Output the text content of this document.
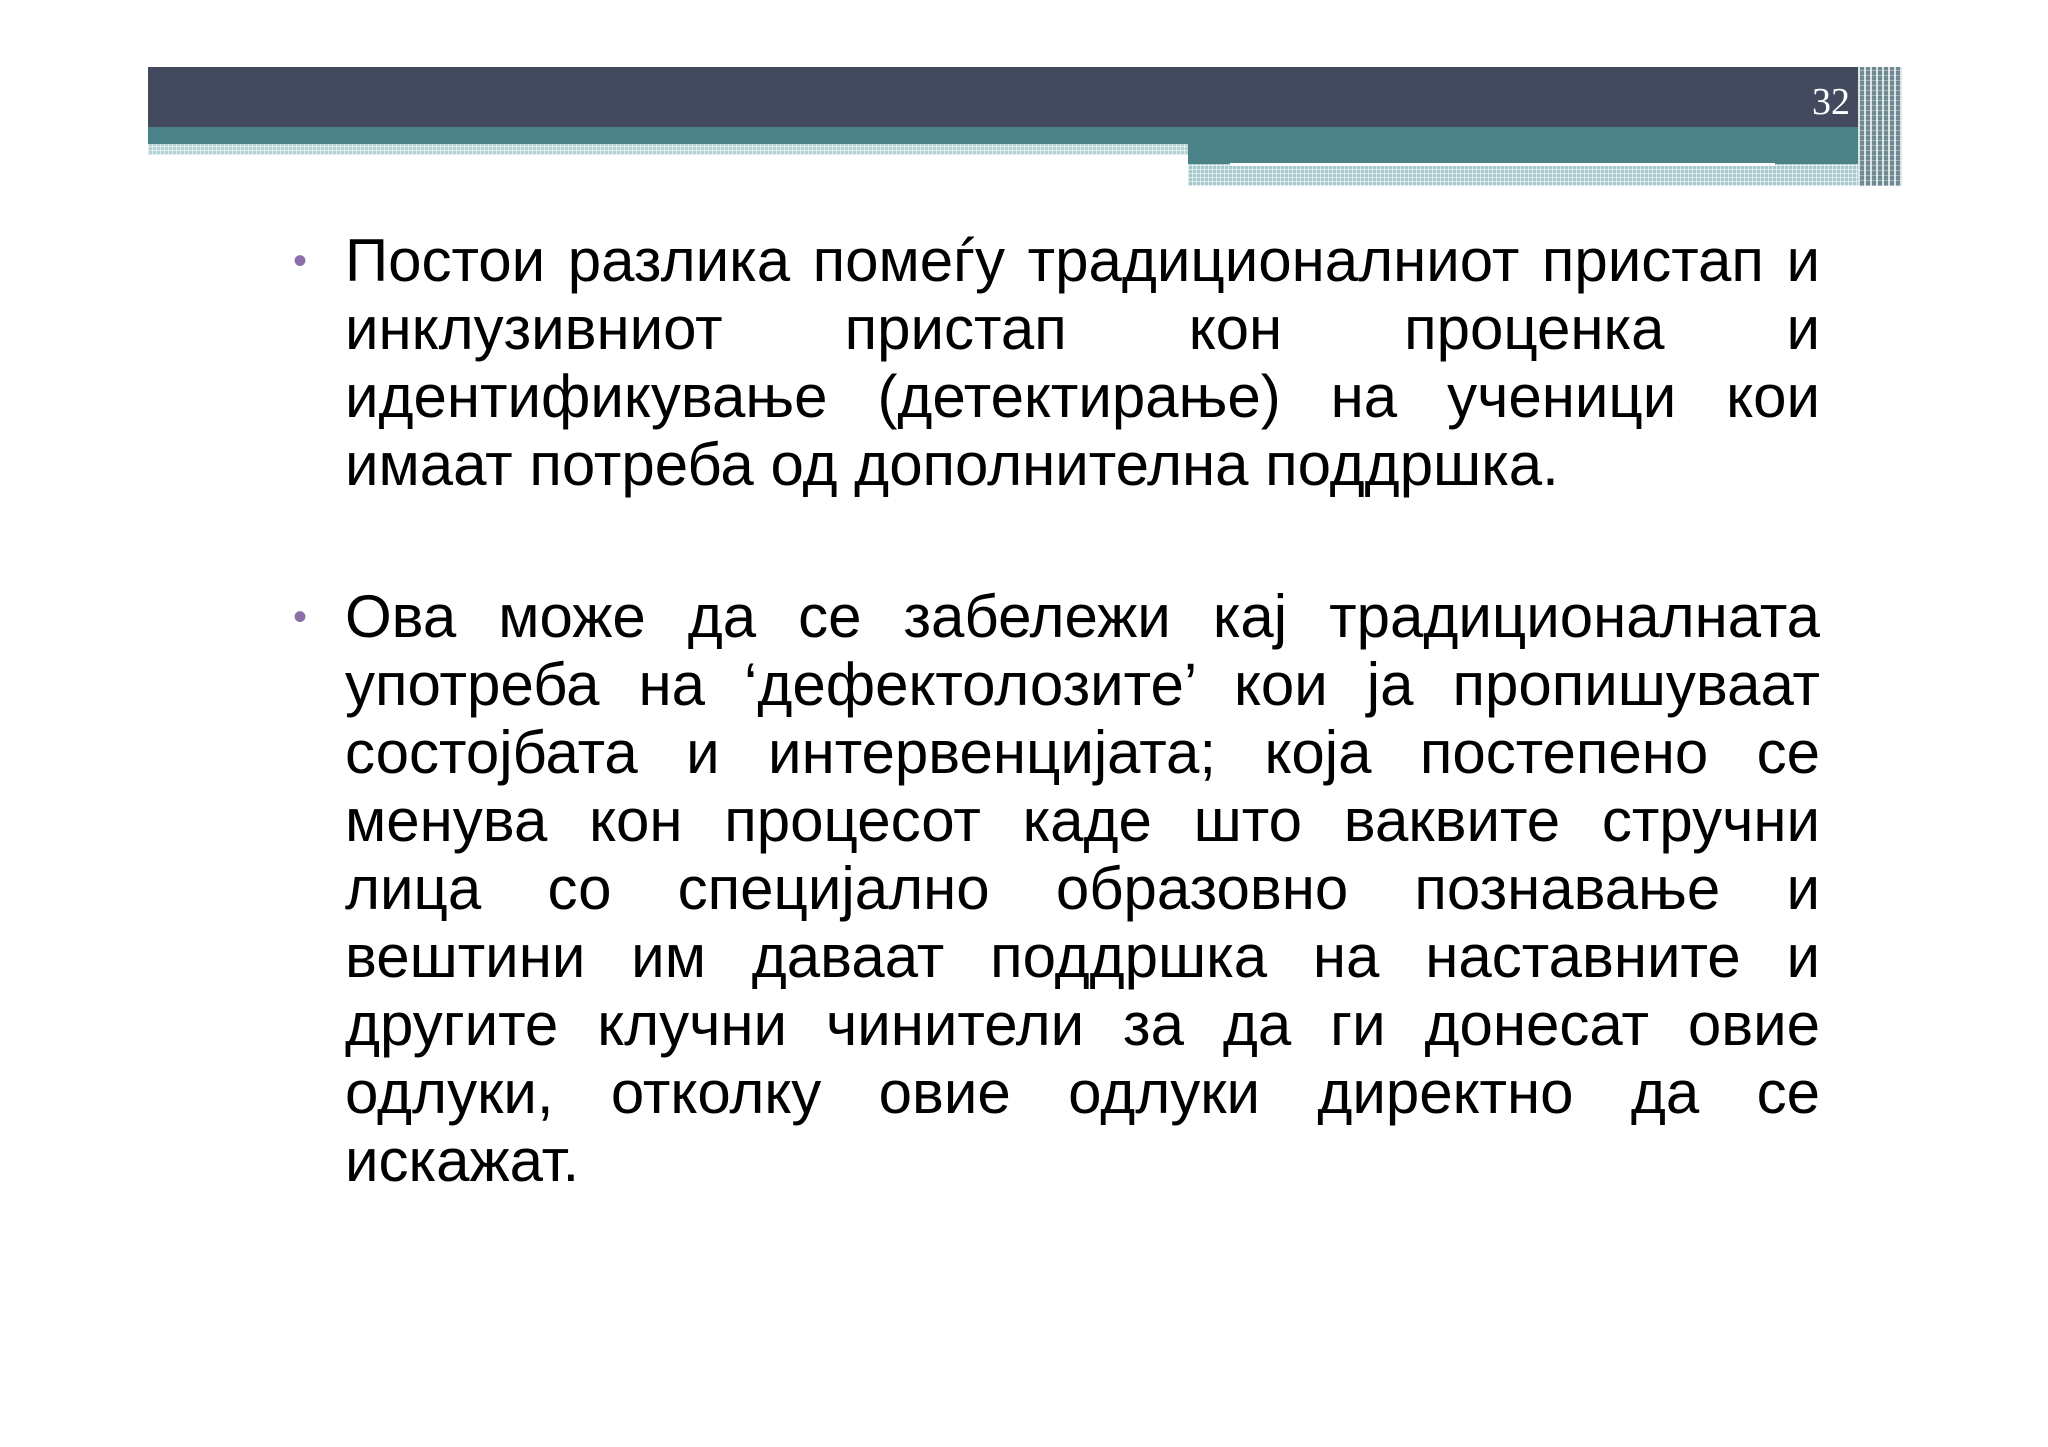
32
• Постои разлика помеѓу традиционалниот пристап и инклузивниот пристап кон проценка и идентификување (детектирање) на ученици кои имаат потреба од дополнителна поддршка.
• Ова може да се забележи кај традиционалната употреба на ‘дефектолозите’ кои ја пропишуваат состојбата и интервенцијата; која постепено се менува кон процесот каде што ваквите стручни лица со специјално образовно познавање и вештини им даваат поддршка на наставните и другите клучни чинители за да ги донесат овие одлуки, отколку овие одлуки директно да се искажат.
